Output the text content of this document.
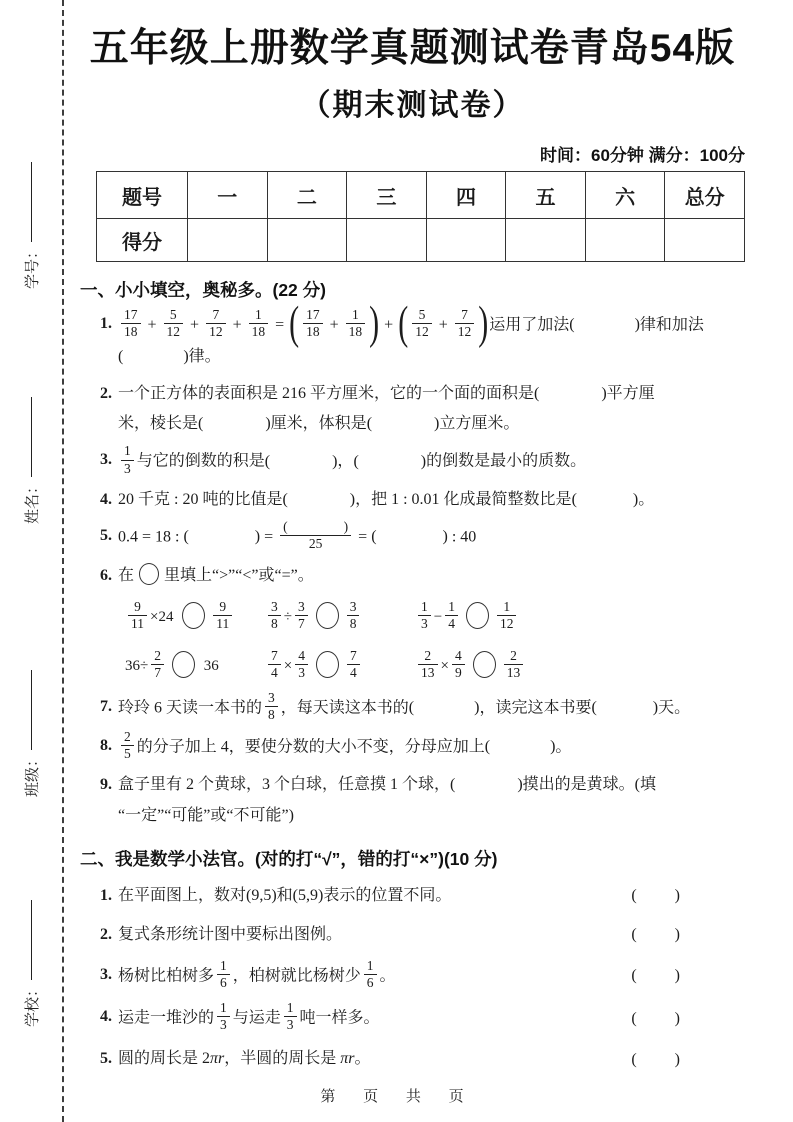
学号：
姓名：
班级：
学校：
五年级上册数学真题测试卷青岛54版
（期末测试卷）
时间：60分钟 满分：100分
题号	一	二	三	四	五	六	总分
得分							
一、小小填空，奥秘多。(22 分)
1. $\frac{17}{18} + \frac{5}{12} + \frac{7}{12} + \frac{1}{18}$ = ( $\frac{17}{18} + \frac{1}{18}$ ) + ( $\frac{5}{12} + \frac{7}{12}$ )运用了加法(	)律和加法
(	)律。
2. 一个正方体的表面积是 216 平方厘米，它的一个面的面积是(	)平方厘
米，棱长是(	)厘米，体积是(	)立方厘米。
3. $\frac{1}{3}$ 与它的倒数的积是(	)，(	)的倒数是最小的质数。
4. 20 千克 : 20 吨的比值是(	)，把 1 : 0.01 化成最简整数比是(	)。
5. 0.4 = 18 : (	) = (	)
25 = (	) : 40
6. 在 里填上“>”“<”或“=”。
$\frac{9}{11} \times 24$	$\frac{9}{11}$	$\frac{3}{8} \div \frac{3}{7}$	$\frac{3}{8}$	$\frac{1}{3} - \frac{1}{4}$	$\frac{1}{12}$
$36\div \frac{2}{7} 36$	$\frac{7}{4} \times \frac{4}{3}$	$\frac{7}{4}$	$\frac{2}{13} \times \frac{4}{9}$	$\frac{2}{13}$
7. 玲玲 6 天读一本书的 $\frac{3}{8}$ ，每天读这本书的(	)，读完这本书要(	)天。
8. $\frac{2}{5}$ 的分子加上 4，要使分数的大小不变，分母应加上(	)。
9. 盒子里有 2 个黄球，3 个白球，任意摸 1 个球，(	)摸出的是黄球。(填
“一定”“可能”或“不可能”)
二、我是数学小法官。(对的打“√”，错的打“×”)(10 分)
1. 在平面图上，数对(9,5)和(5,9)表示的位置不同。	( )
2. 复式条形统计图中要标出图例。	( )
3. 杨树比柏树多 $\frac{1}{6}$ ，柏树就比杨树少 $\frac{1}{6}$ 。	( )
4. 运走一堆沙的 $\frac{1}{3}$ 与运走 $\frac{1}{3}$ 吨一样多。	( )
5. 圆的周长是 2πr，半圆的周长是 πr。	( )
第 页 共 页
